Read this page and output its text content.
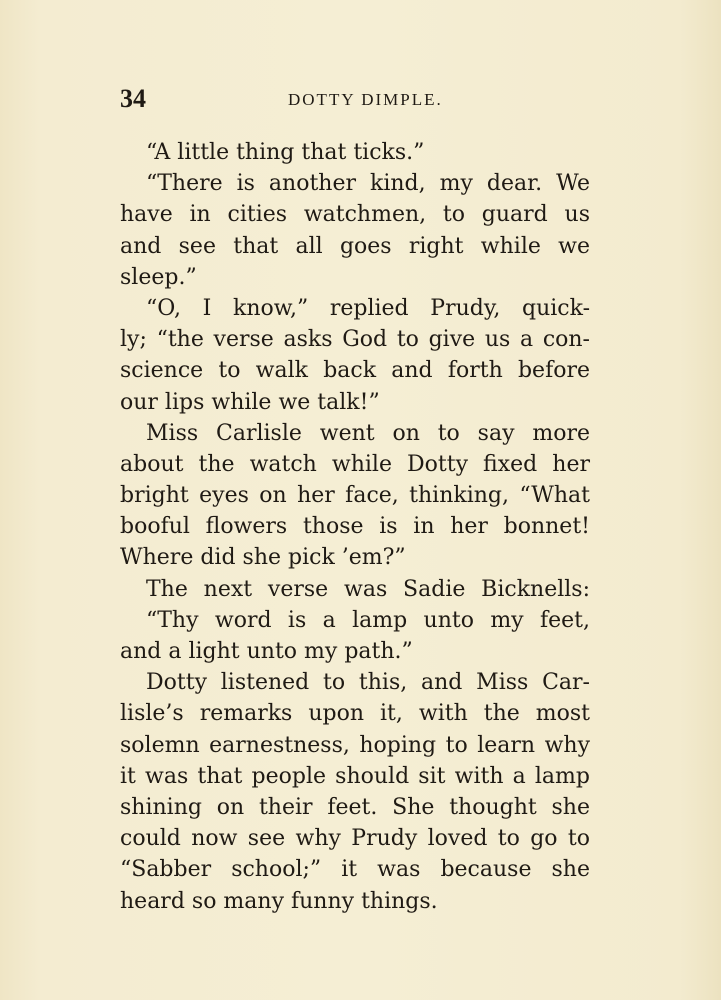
34	DOTTY DIMPLE.
“A little thing that ticks.”
“There is another kind, my dear. We
have in cities watchmen, to guard us
and see that all goes right while we
sleep.”
“O, I know,” replied Prudy, quick-
ly; “the verse asks God to give us a con-
science to walk back and forth before
our lips while we talk!”
Miss Carlisle went on to say more
about the watch while Dotty fixed her
bright eyes on her face, thinking, “What
booful flowers those is in her bonnet!
Where did she pick ’em?”
The next verse was Sadie Bicknells:
“Thy word is a lamp unto my feet,
and a light unto my path.”
Dotty listened to this, and Miss Car-
lisle’s remarks upon it, with the most
solemn earnestness, hoping to learn why
it was that people should sit with a lamp
shining on their feet. She thought she
could now see why Prudy loved to go to
“Sabber school;” it was because she
heard so many funny things.
